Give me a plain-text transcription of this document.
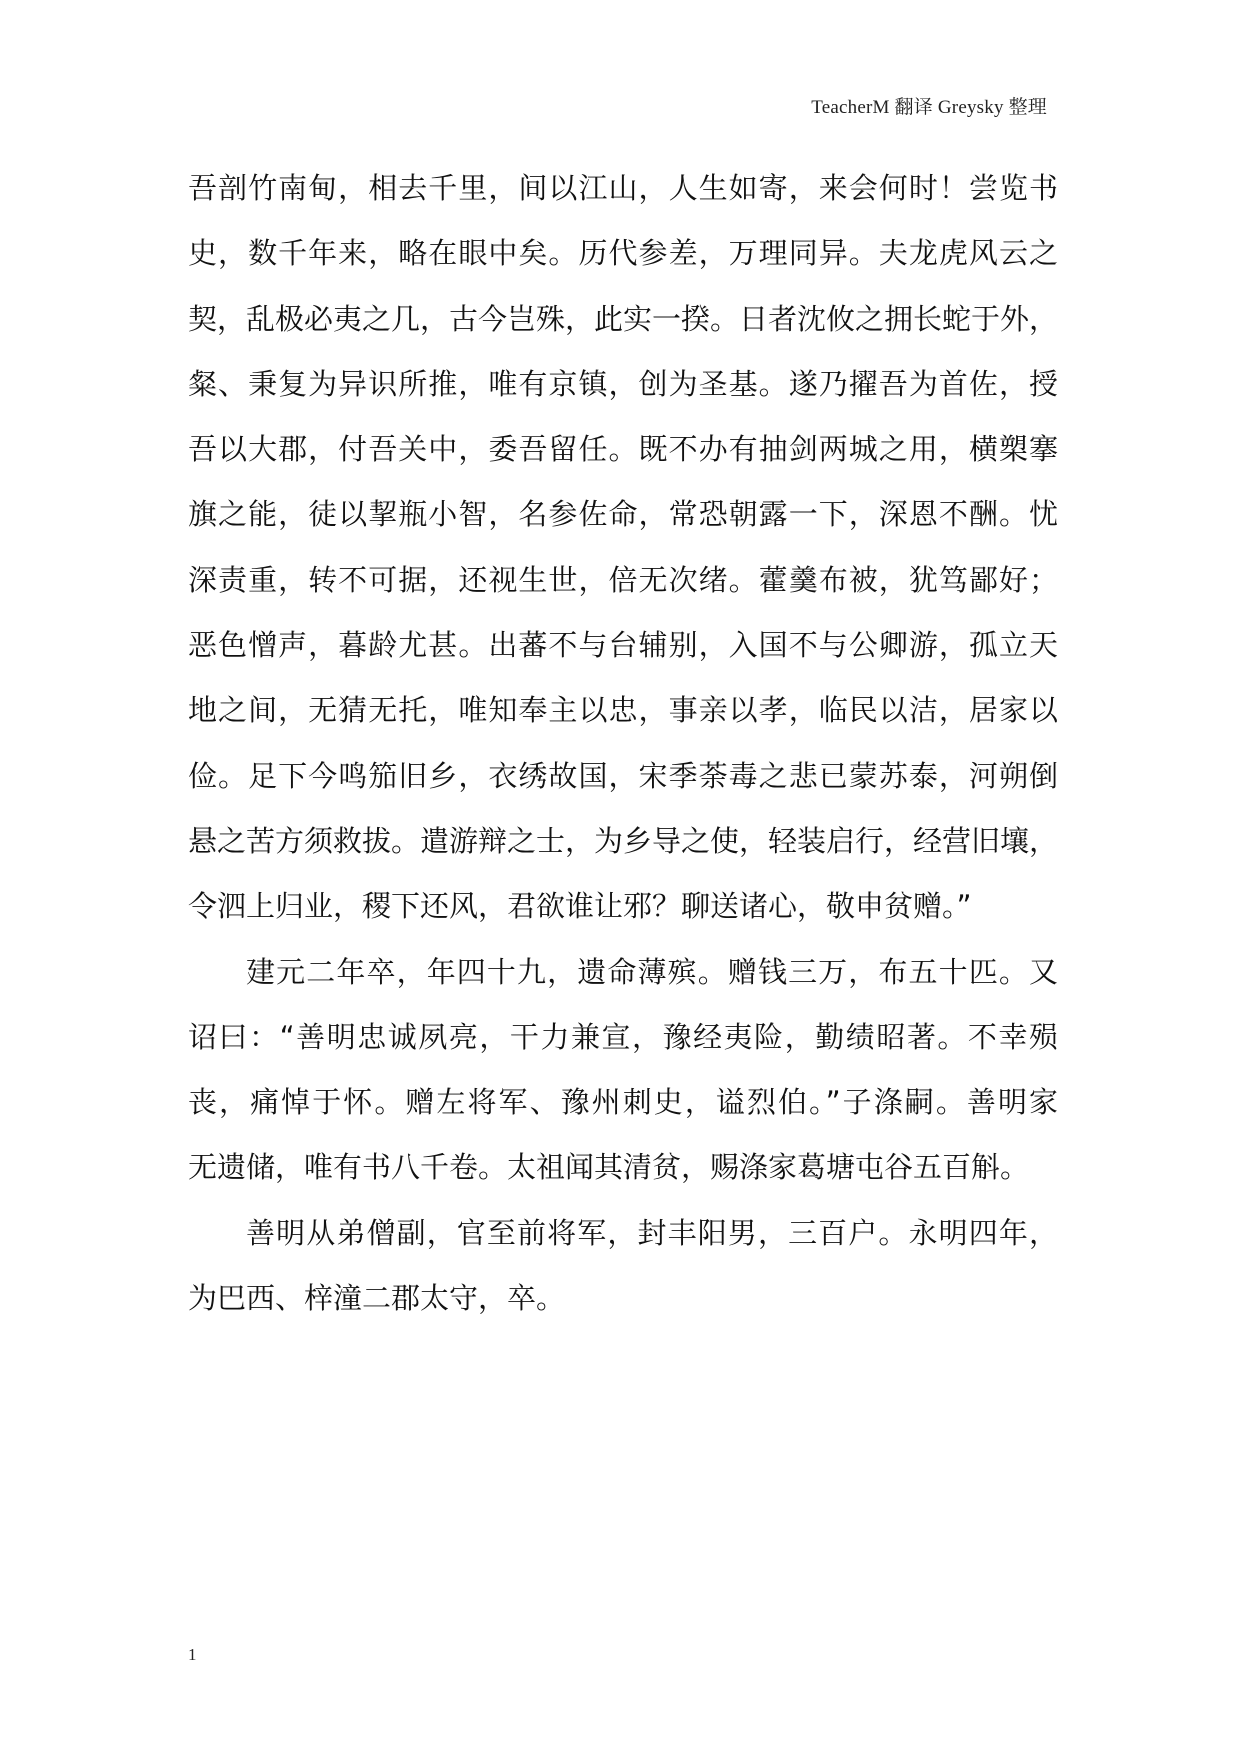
TeacherM 翻译 Greysky 整理
吾剖竹南甸，相去千里，间以江山，人生如寄，来会何时！尝览书
史，数千年来，略在眼中矣。历代参差，万理同异。夫龙虎风云之
契，乱极必夷之几，古今岂殊，此实一揆。日者沈攸之拥长蛇于外，
粲、秉复为异识所推，唯有京镇，创为圣基。遂乃擢吾为首佐，授
吾以大郡，付吾关中，委吾留任。既不办有抽剑两城之用，横槊搴
旗之能，徒以挈瓶小智，名参佐命，常恐朝露一下，深恩不酬。忧
深责重，转不可据，还视生世，倍无次绪。藿羹布被，犹笃鄙好；
恶色憎声，暮龄尤甚。出蕃不与台辅别，入国不与公卿游，孤立天
地之间，无猜无托，唯知奉主以忠，事亲以孝，临民以洁，居家以
俭。足下今鸣笳旧乡，衣绣故国，宋季荼毒之悲已蒙苏泰，河朔倒
悬之苦方须救拔。遣游辩之士，为乡导之使，轻装启行，经营旧壤，
令泗上归业，稷下还风，君欲谁让邪？聊送诸心，敬申贫赠。”
建元二年卒，年四十九，遗命薄殡。赠钱三万，布五十匹。又
诏曰：“善明忠诚夙亮，干力兼宣，豫经夷险，勤绩昭著。不幸殒
丧，痛悼于怀。赠左将军、豫州刺史，谥烈伯。”子涤嗣。善明家
无遗储，唯有书八千卷。太祖闻其清贫，赐涤家葛塘屯谷五百斛。
善明从弟僧副，官至前将军，封丰阳男，三百户。永明四年，
为巴西、梓潼二郡太守，卒。
1
